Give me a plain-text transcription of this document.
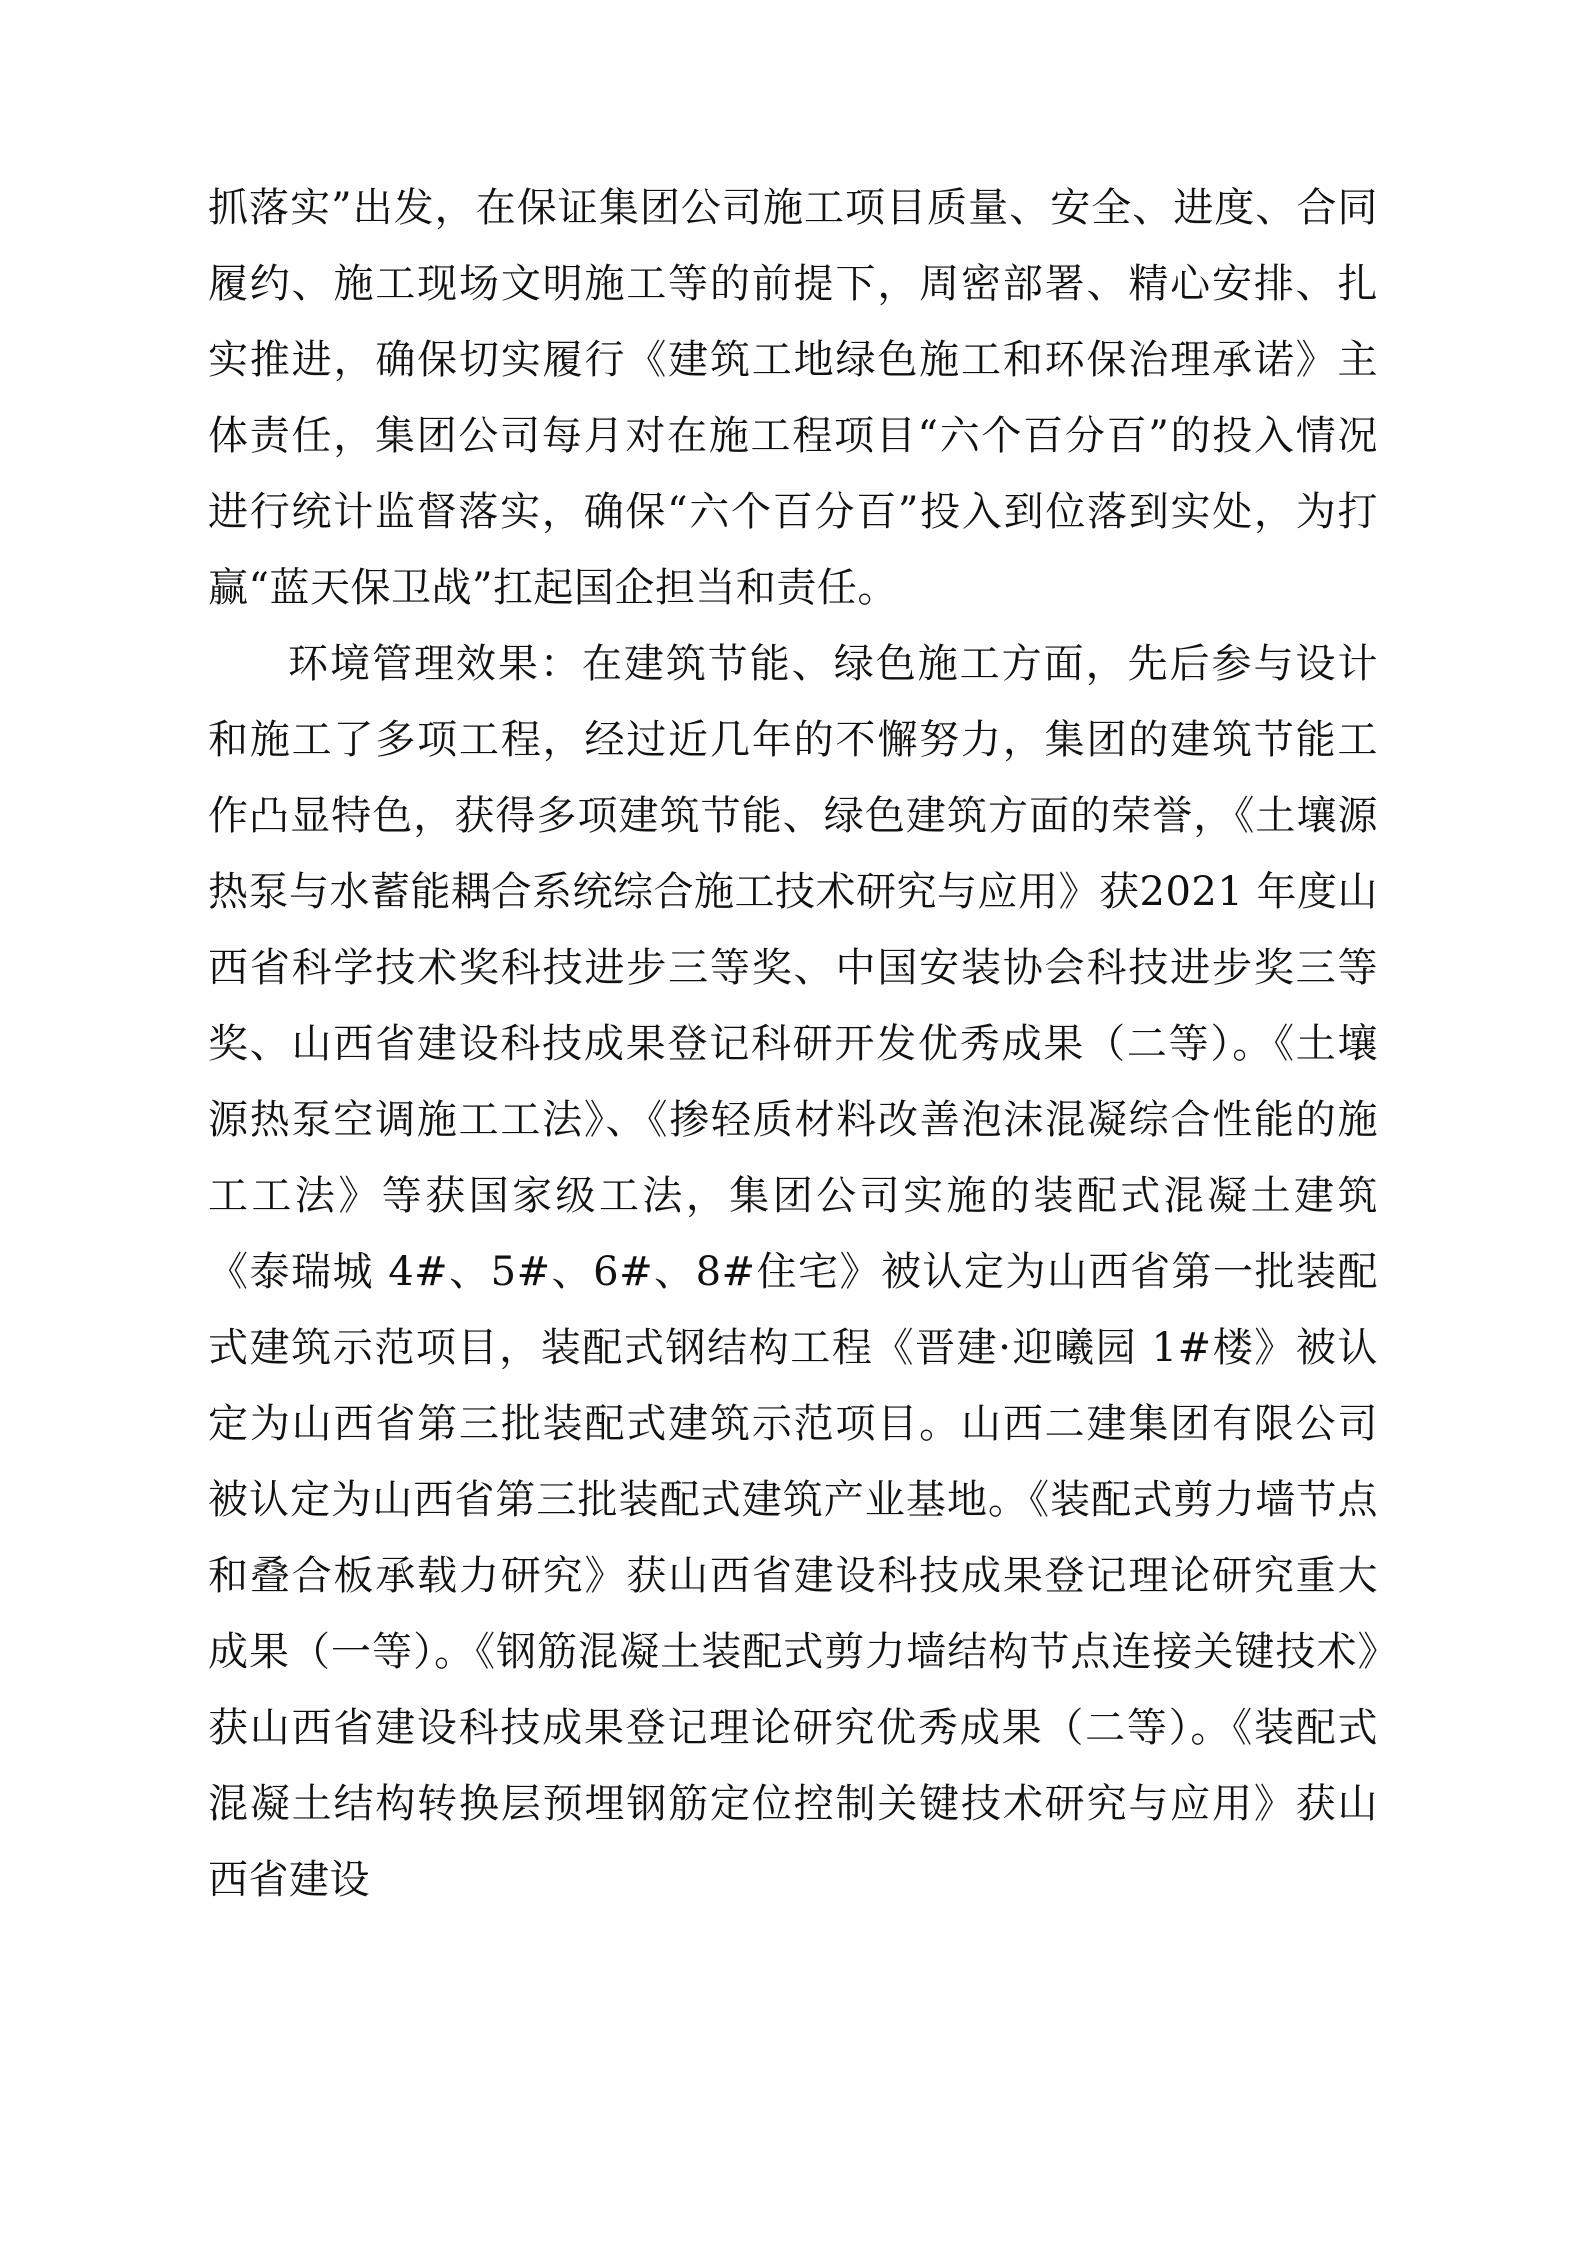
抓落实”出发，在保证集团公司施工项目质量、安全、进度、合同履约、施工现场文明施工等的前提下，周密部署、精心安排、扎实推进，确保切实履行《建筑工地绿色施工和环保治理承诺》主体责任，集团公司每月对在施工程项目“六个百分百”的投入情况进行统计监督落实，确保“六个百分百”投入到位落到实处，为打赢“蓝天保卫战”扛起国企担当和责任。

环境管理效果：在建筑节能、绿色施工方面，先后参与设计和施工了多项工程，经过近几年的不懈努力，集团的建筑节能工作凸显特色，获得多项建筑节能、绿色建筑方面的荣誉，《土壤源热泵与水蓄能耦合系统综合施工技术研究与应用》获2021 年度山西省科学技术奖科技进步三等奖、中国安装协会科技进步奖三等奖、山西省建设科技成果登记科研开发优秀成果（二等）。《土壤源热泵空调施工工法》、《掺轻质材料改善泡沫混凝综合性能的施工工法》等获国家级工法，集团公司实施的装配式混凝土建筑《泰瑞城 4#、5#、6#、8#住宅》被认定为山西省第一批装配式建筑示范项目，装配式钢结构工程《晋建·迎曦园 1#楼》被认定为山西省第三批装配式建筑示范项目。山西二建集团有限公司被认定为山西省第三批装配式建筑产业基地。《装配式剪力墙节点和叠合板承载力研究》获山西省建设科技成果登记理论研究重大成果（一等）。《钢筋混凝土装配式剪力墙结构节点连接关键技术》获山西省建设科技成果登记理论研究优秀成果（二等）。《装配式混凝土结构转换层预埋钢筋定位控制关键技术研究与应用》获山西省建设
